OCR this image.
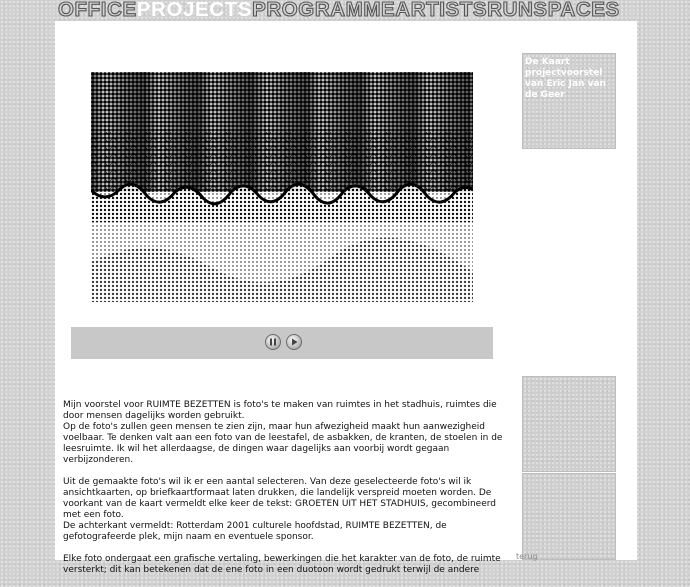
OFFICE PROJECTS PROGRAMME ARTISTS RUNSPACES

Mijn voorstel voor RUIMTE BEZETTEN is foto's te maken van ruimtes in het stadhuis, ruimtes die door mensen dagelijks worden gebruikt.
Op de foto's zullen geen mensen te zien zijn, maar hun afwezigheid maakt hun aanwezigheid voelbaar. Te denken valt aan een foto van de leestafel, de asbakken, de kranten, de stoelen in de leesruimte. Ik wil het allerdaagse, de dingen waar dagelijks aan voorbij wordt gegaan verbijzonderen.

Uit de gemaakte foto's wil ik er een aantal selecteren. Van deze geselecteerde foto's wil ik ansichtkaarten, op briefkaartformaat laten drukken, die landelijk verspreid moeten worden. De voorkant van de kaart vermeldt elke keer de tekst: GROETEN UIT HET STADHUIS, gecombineerd met een foto.
De achterkant vermeldt: Rotterdam 2001 culturele hoofdstad, RUIMTE BEZETTEN, de gefotografeerde plek, mijn naam en eventuele sponsor.

Elke foto ondergaat een grafische vertaling, bewerkingen die het karakter van de foto, de ruimte versterkt; dit kan betekenen dat de ene foto in een duotoon wordt gedrukt terwijl de andere

De Kaart
projectvoorstel
van Eric Jan van
de Geer
terug
